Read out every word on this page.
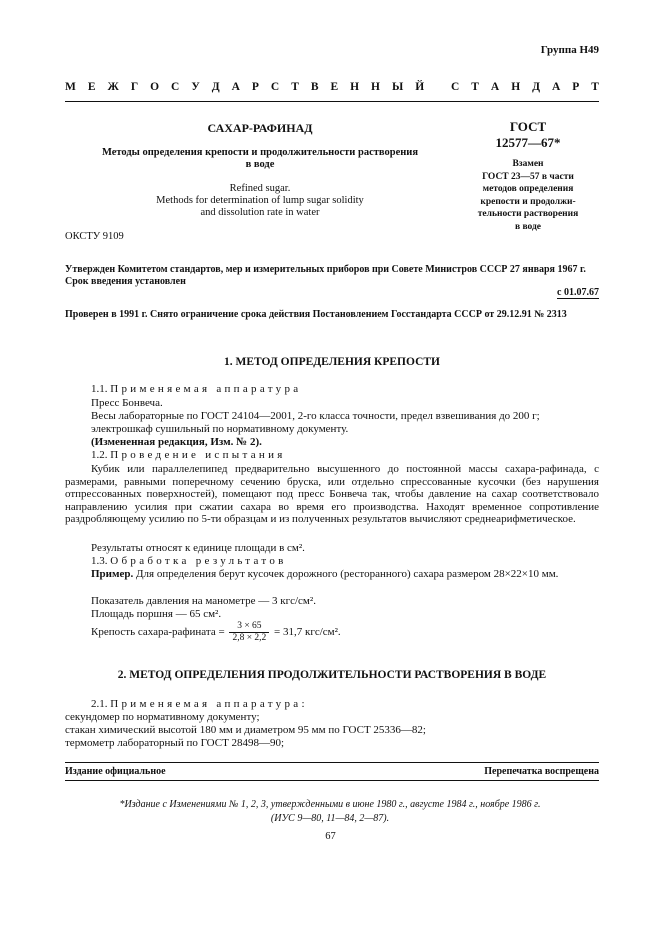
Группа Н49
М Е Ж Г О С У Д А Р С Т В Е Н Н Ы Й
С Т А Н Д А Р Т
САХАР-РАФИНАД
Методы определения крепости и продолжительности растворения
в воде
Refined sugar.
Methods for determination of lump sugar solidity
and dissolution rate in water
ОКСТУ 9109
ГОСТ
12577—67*
Взамен
ГОСТ 23—57 в части
методов определения
крепости и продолжи-
тельности растворения
в воде
Утвержден Комитетом стандартов, мер и измерительных приборов при Совете Министров СССР 27 января 1967 г.
Срок введения установлен
с 01.07.67
Проверен в 1991 г. Снято ограничение срока действия Постановлением Госстандарта СССР от 29.12.91 № 2313
1. МЕТОД ОПРЕДЕЛЕНИЯ КРЕПОСТИ
1.1. Применяемая аппаратура
Пресс Бонвеча.
Весы лабораторные по ГОСТ 24104—2001, 2-го класса точности, предел взвешивания до 200 г;
электрошкаф сушильный по нормативному документу.
(Измененная редакция, Изм. № 2).
1.2. Проведение испытания
Кубик или параллелепипед предварительно высушенного до постоянной массы сахара-рафинада, с размерами, равными поперечному сечению бруска, или отдельно спрессованные кусочки (без нарушения отпрессованных поверхностей), помещают под пресс Бонвеча так, чтобы давление на сахар соответствовало направлению усилия при сжатии сахара во время его производства. Находят временное сопротивление раздробляющему усилию по 5-ти образцам и из полученных результатов вычисляют среднеарифметическое.
Результаты относят к единице площади в см².
1.3. Обработка результатов
Пример. Для определения берут кусочек дорожного (ресторанного) сахара размером 28×22×10 мм.
Показатель давления на манометре — 3 кгс/см².
Площадь поршня — 65 см².
Крепость сахара-рафината = $\frac{3 \times 65}{2,8 \times 2,2} = 31,7$ кгс/см².
2. МЕТОД ОПРЕДЕЛЕНИЯ ПРОДОЛЖИТЕЛЬНОСТИ РАСТВОРЕНИЯ В ВОДЕ
2.1. Применяемая аппаратура:
секундомер по нормативному документу;
стакан химический высотой 180 мм и диаметром 95 мм по ГОСТ 25336—82;
термометр лабораторный по ГОСТ 28498—90;
Издание официальное	Перепечатка воспрещена
*Издание с Изменениями № 1, 2, 3, утвержденными в июне 1980 г., августе 1984 г., ноябре 1986 г.
(ИУС 9—80, 11—84, 2—87).
67
